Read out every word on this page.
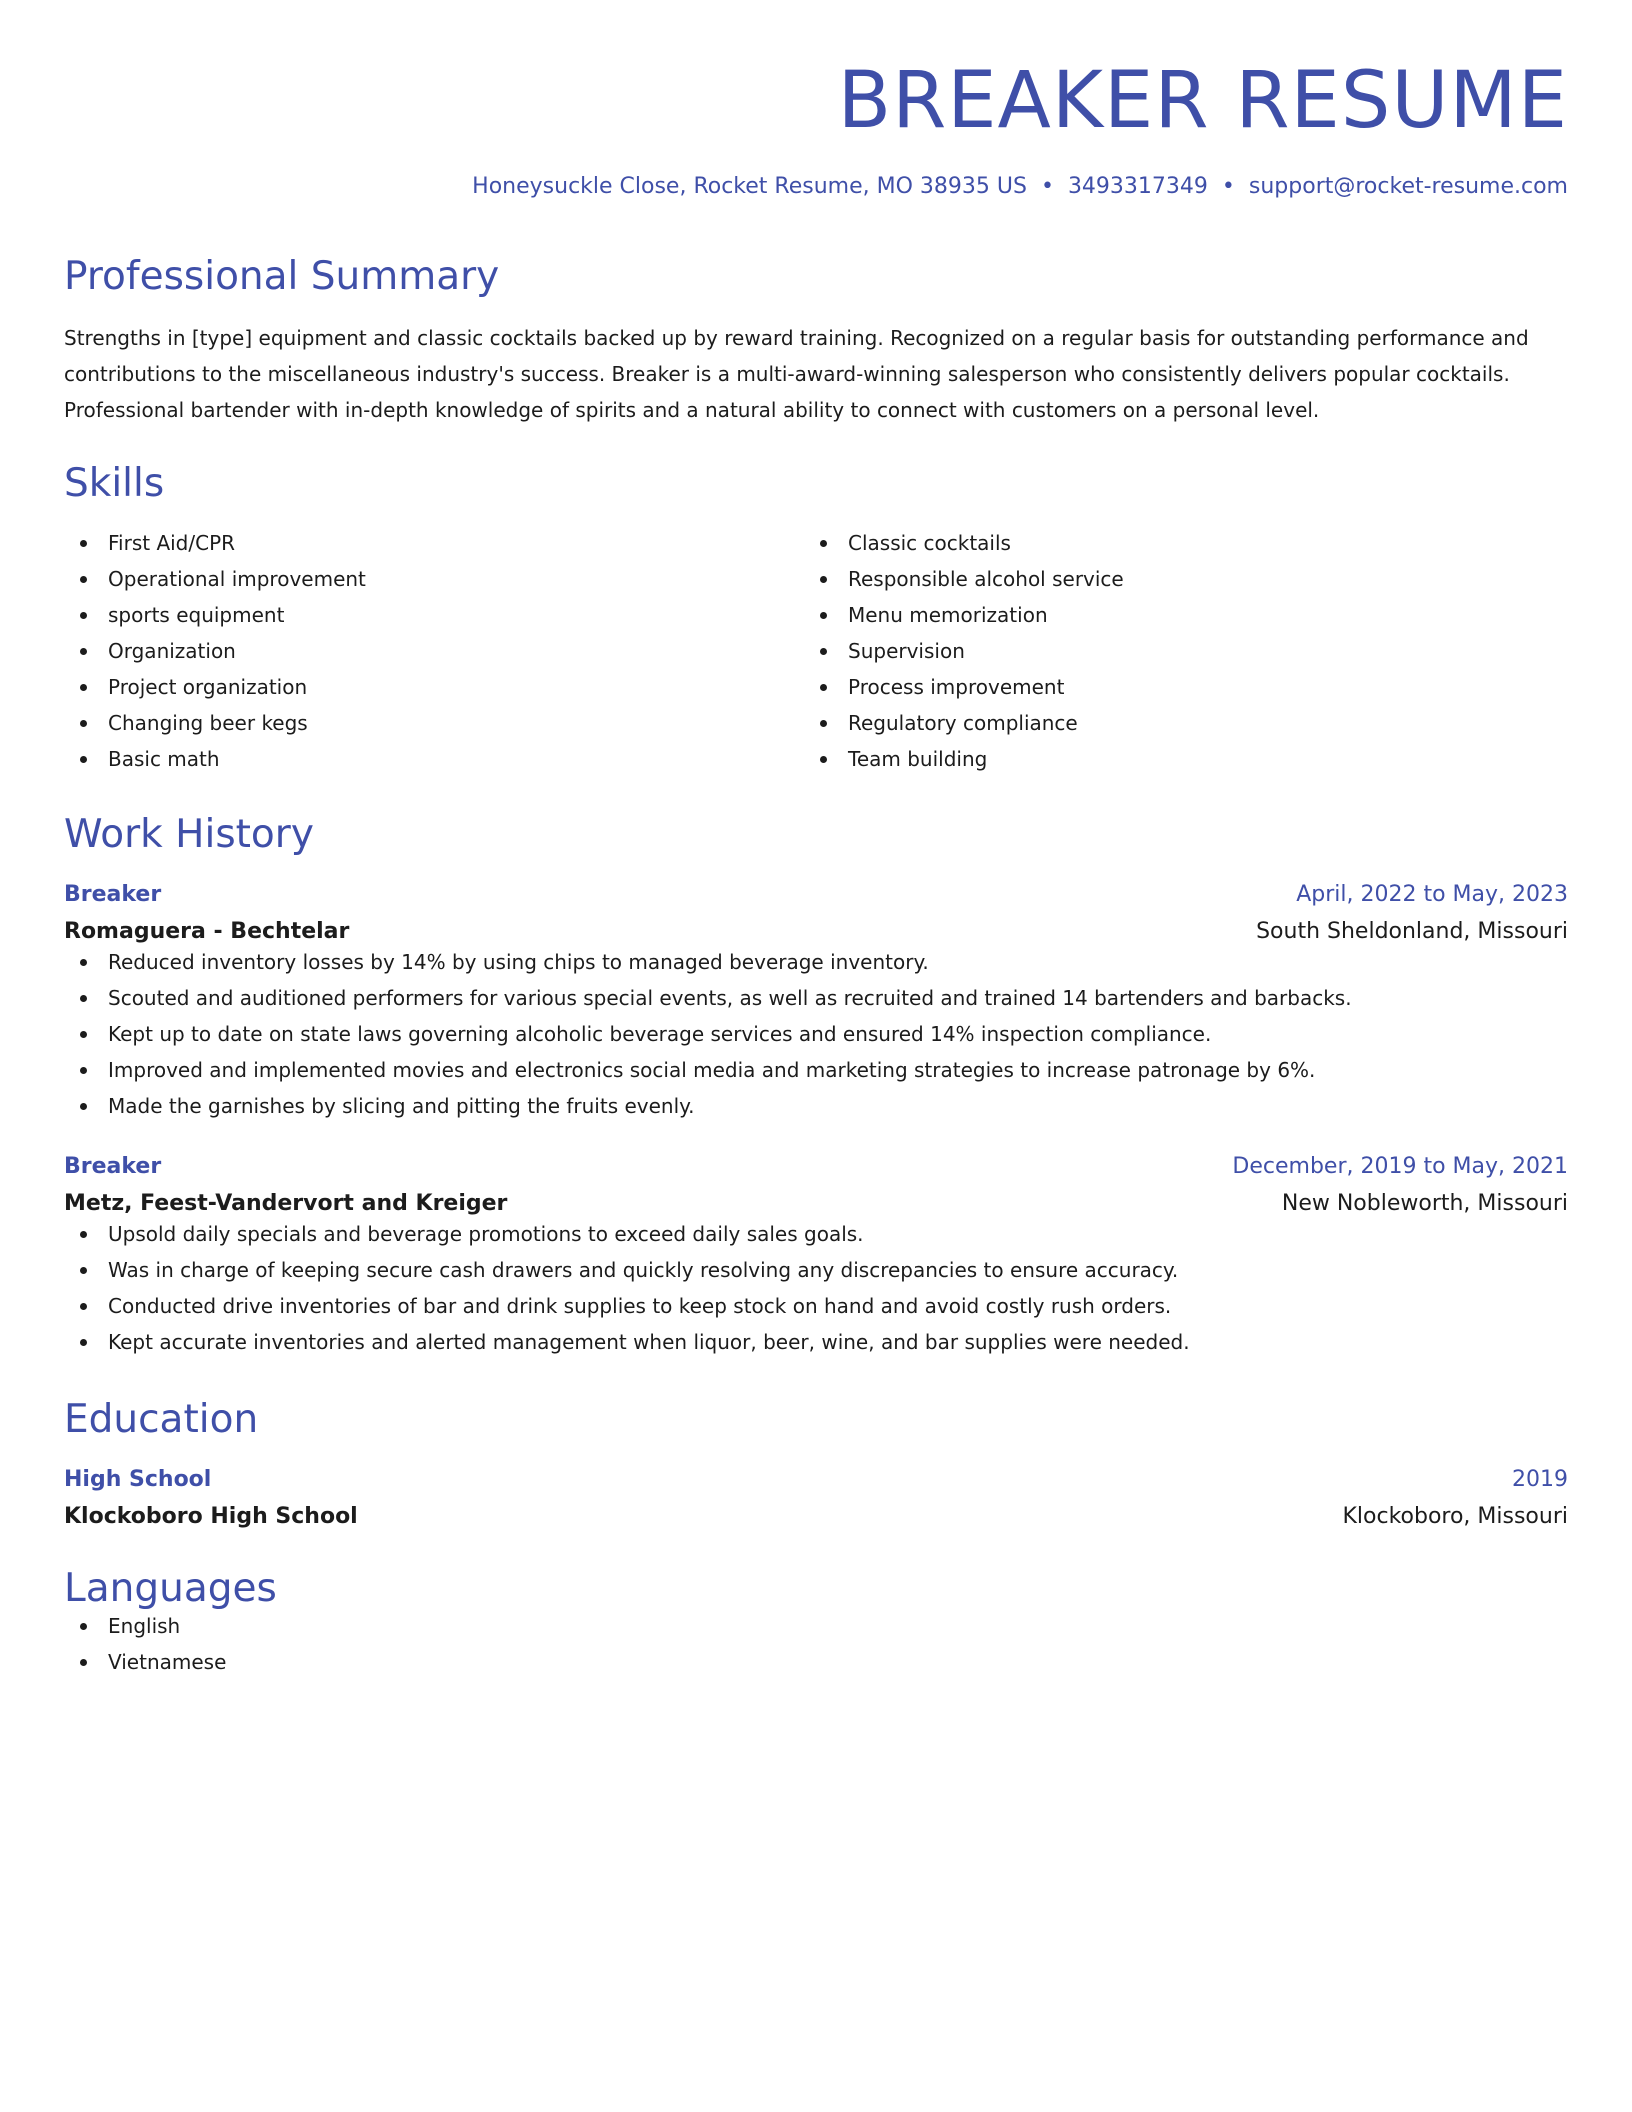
BREAKER RESUME
Honeysuckle Close, Rocket Resume, MO 38935 US • 3493317349 • support@rocket-resume.com
Professional Summary
Strengths in [type] equipment and classic cocktails backed up by reward training. Recognized on a regular basis for outstanding performance and contributions to the miscellaneous industry's success. Breaker is a multi-award-winning salesperson who consistently delivers popular cocktails. Professional bartender with in-depth knowledge of spirits and a natural ability to connect with customers on a personal level.
Skills
First Aid/CPR
Operational improvement
sports equipment
Organization
Project organization
Changing beer kegs
Basic math
Classic cocktails
Responsible alcohol service
Menu memorization
Supervision
Process improvement
Regulatory compliance
Team building
Work History
Breaker	April, 2022 to May, 2023
Romaguera - Bechtelar	South Sheldonland, Missouri
Reduced inventory losses by 14% by using chips to managed beverage inventory.
Scouted and auditioned performers for various special events, as well as recruited and trained 14 bartenders and barbacks.
Kept up to date on state laws governing alcoholic beverage services and ensured 14% inspection compliance.
Improved and implemented movies and electronics social media and marketing strategies to increase patronage by 6%.
Made the garnishes by slicing and pitting the fruits evenly.
Breaker	December, 2019 to May, 2021
Metz, Feest-Vandervort and Kreiger	New Nobleworth, Missouri
Upsold daily specials and beverage promotions to exceed daily sales goals.
Was in charge of keeping secure cash drawers and quickly resolving any discrepancies to ensure accuracy.
Conducted drive inventories of bar and drink supplies to keep stock on hand and avoid costly rush orders.
Kept accurate inventories and alerted management when liquor, beer, wine, and bar supplies were needed.
Education
High School	2019
Klockoboro High School	Klockoboro, Missouri
Languages
English
Vietnamese
